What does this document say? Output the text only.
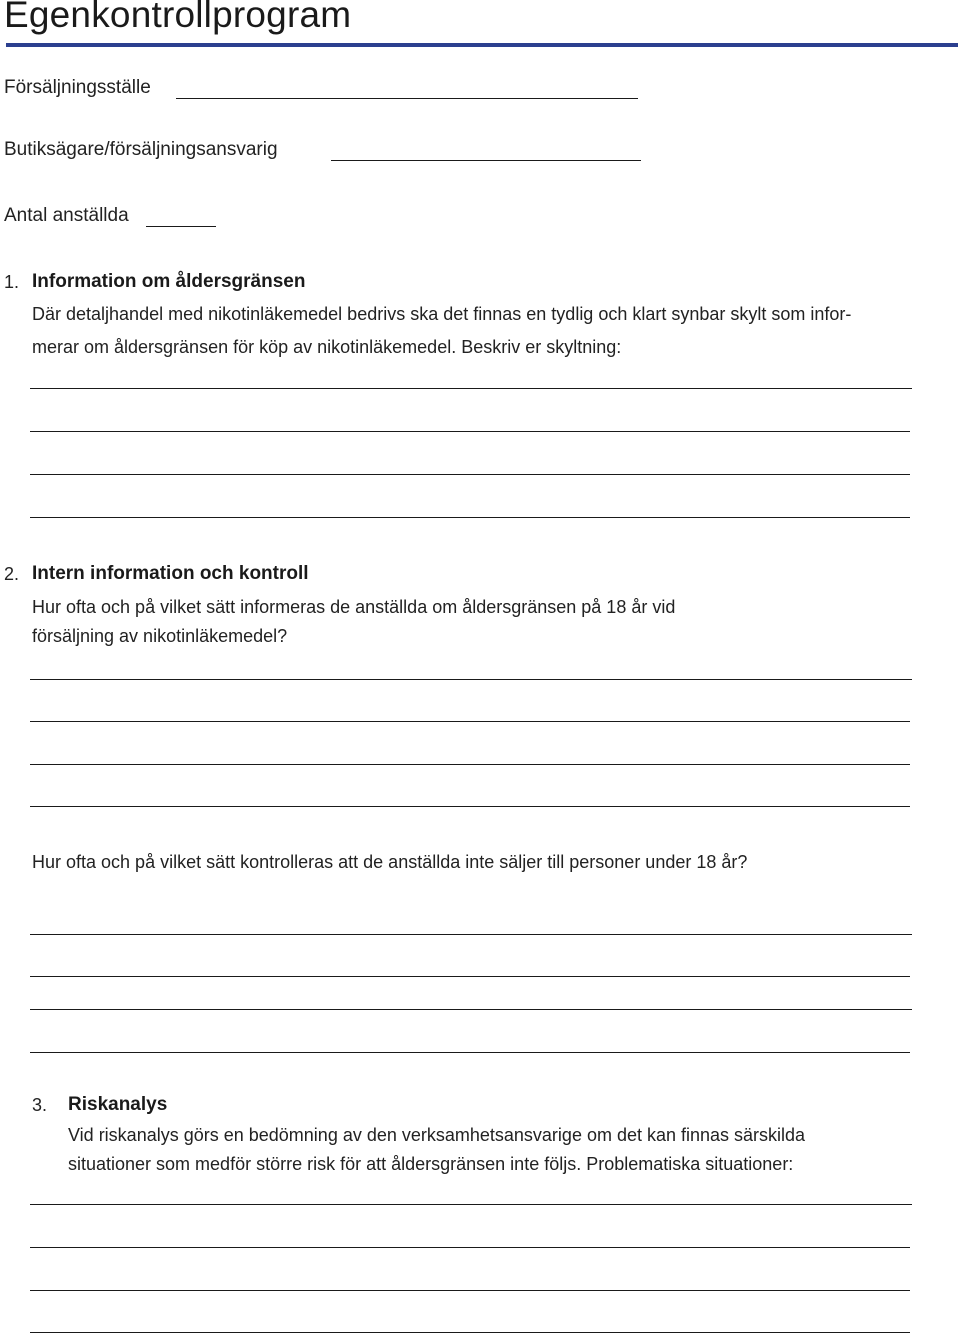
Egenkontrollprogram
Försäljningsställe
Butiksägare/försäljningsansvarig
Antal anställda
1. Information om åldersgränsen
Där detaljhandel med nikotinläkemedel bedrivs ska det finnas en tydlig och klart synbar skylt som infor-
merar om åldersgränsen för köp av nikotinläkemedel. Beskriv er skyltning:
2. Intern information och kontroll
Hur ofta och på vilket sätt informeras de anställda om åldersgränsen på 18 år vid
försäljning av nikotinläkemedel?
Hur ofta och på vilket sätt kontrolleras att de anställda inte säljer till personer under 18 år?
3. Riskanalys
Vid riskanalys görs en bedömning av den verksamhetsansvarige om det kan finnas särskilda
situationer som medför större risk för att åldersgränsen inte följs. Problematiska situationer:
